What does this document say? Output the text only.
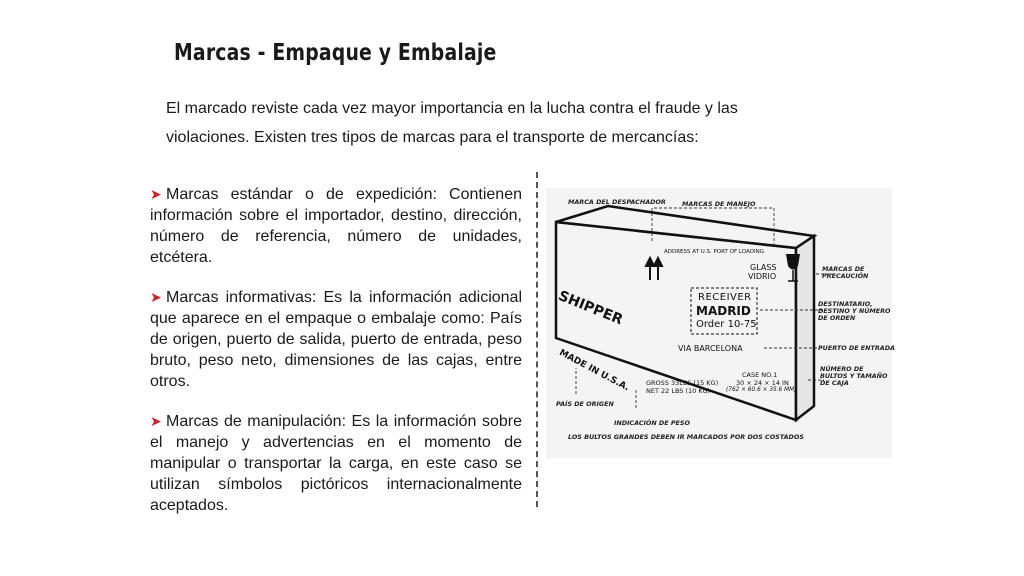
Marcas - Empaque y Embalaje
El marcado reviste cada vez mayor importancia en la lucha contra el fraude y las violaciones. Existen tres tipos de marcas para el transporte de mercancías:

➤ Marcas estándar o de expedición: Contienen información sobre el importador, destino, dirección, número de referencia, número de unidades, etcétera.

➤ Marcas informativas: Es la información adicional que aparece en el empaque o embalaje como: País de origen, puerto de salida, puerto de entrada, peso bruto, peso neto, dimensiones de las cajas, entre otros.

➤ Marcas de manipulación: Es la información sobre el manejo y advertencias en el momento de manipular o transportar la carga, en este caso se utilizan símbolos pictóricos internacionalmente aceptados.

MARCA DEL DESPACHADOR	MARCAS DE MANEJO
MARCAS DE PRECAUCIÓN
DESTINATARIO, DESTINO Y NÚMERO DE ORDEN
PUERTO DE ENTRADA
NÚMERO DE BULTOS Y TAMAÑO DE CAJA
PAÍS DE ORIGEN
INDICACIÓN DE PESO
LOS BULTOS GRANDES DEBEN IR MARCADOS POR DOS COSTADOS
ADDRESS AT U.S. PORT OF LOADING
GLASS
VIDRIO
SHIPPER
MADE IN U.S.A.
RECEIVER
MADRID
Order 10-75
VIA BARCELONA
GROSS 33LBS (15 KG)
NET 22 LBS (10 KG)
CASE NO.1
30 × 24 × 14 IN
(762 × 60.6 × 35.6 MM)
